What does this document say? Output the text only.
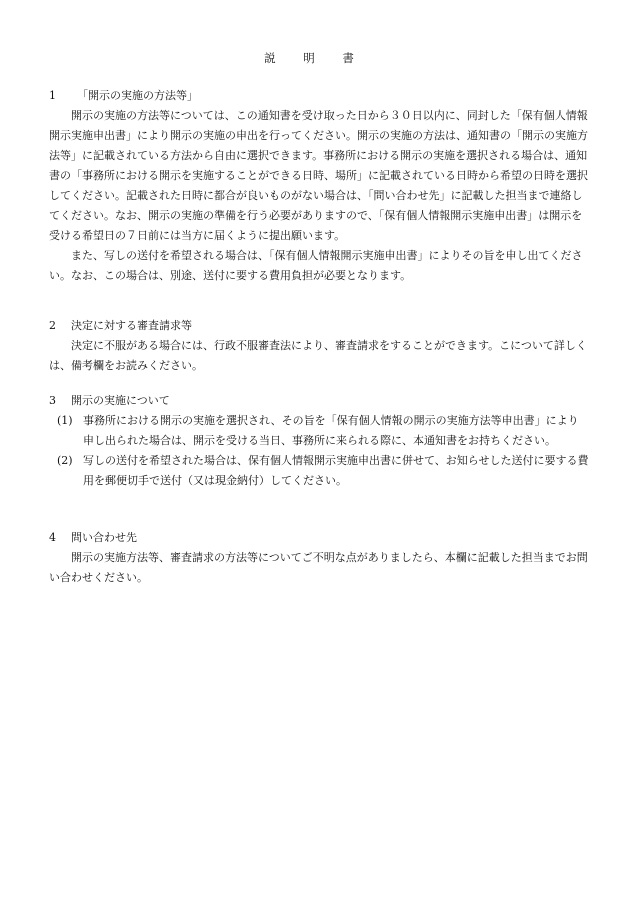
説 明 書
1	「開示の実施の方法等」
開示の実施の方法等については、この通知書を受け取った日から３０日以内に、同封した「保有個人情報開示実施申出書」により開示の実施の申出を行ってください。開示の実施の方法は、通知書の「開示の実施方法等」に記載されている方法から自由に選択できます。事務所における開示の実施を選択される場合は、通知書の「事務所における開示を実施することができる日時、場所」に記載されている日時から希望の日時を選択してください。記載された日時に都合が良いものがない場合は、「問い合わせ先」に記載した担当まで連絡してください。なお、開示の実施の準備を行う必要がありますので、「保有個人情報開示実施申出書」は開示を受ける希望日の７日前には当方に届くように提出願います。
また、写しの送付を希望される場合は、「保有個人情報開示実施申出書」によりその旨を申し出てください。なお、この場合は、別途、送付に要する費用負担が必要となります。
2	決定に対する審査請求等
決定に不服がある場合には、行政不服審査法により、審査請求をすることができます。こについて詳しくは、備考欄をお読みください。
3	開示の実施について
(1) 事務所における開示の実施を選択され、その旨を「保有個人情報の開示の実施方法等申出書」により申し出られた場合は、開示を受ける当日、事務所に来られる際に、本通知書をお持ちください。
(2) 写しの送付を希望された場合は、保有個人情報開示実施申出書に併せて、お知らせした送付に要する費用を郵便切手で送付（又は現金納付）してください。
4	問い合わせ先
開示の実施方法等、審査請求の方法等についてご不明な点がありましたら、本欄に記載した担当までお問い合わせください。
